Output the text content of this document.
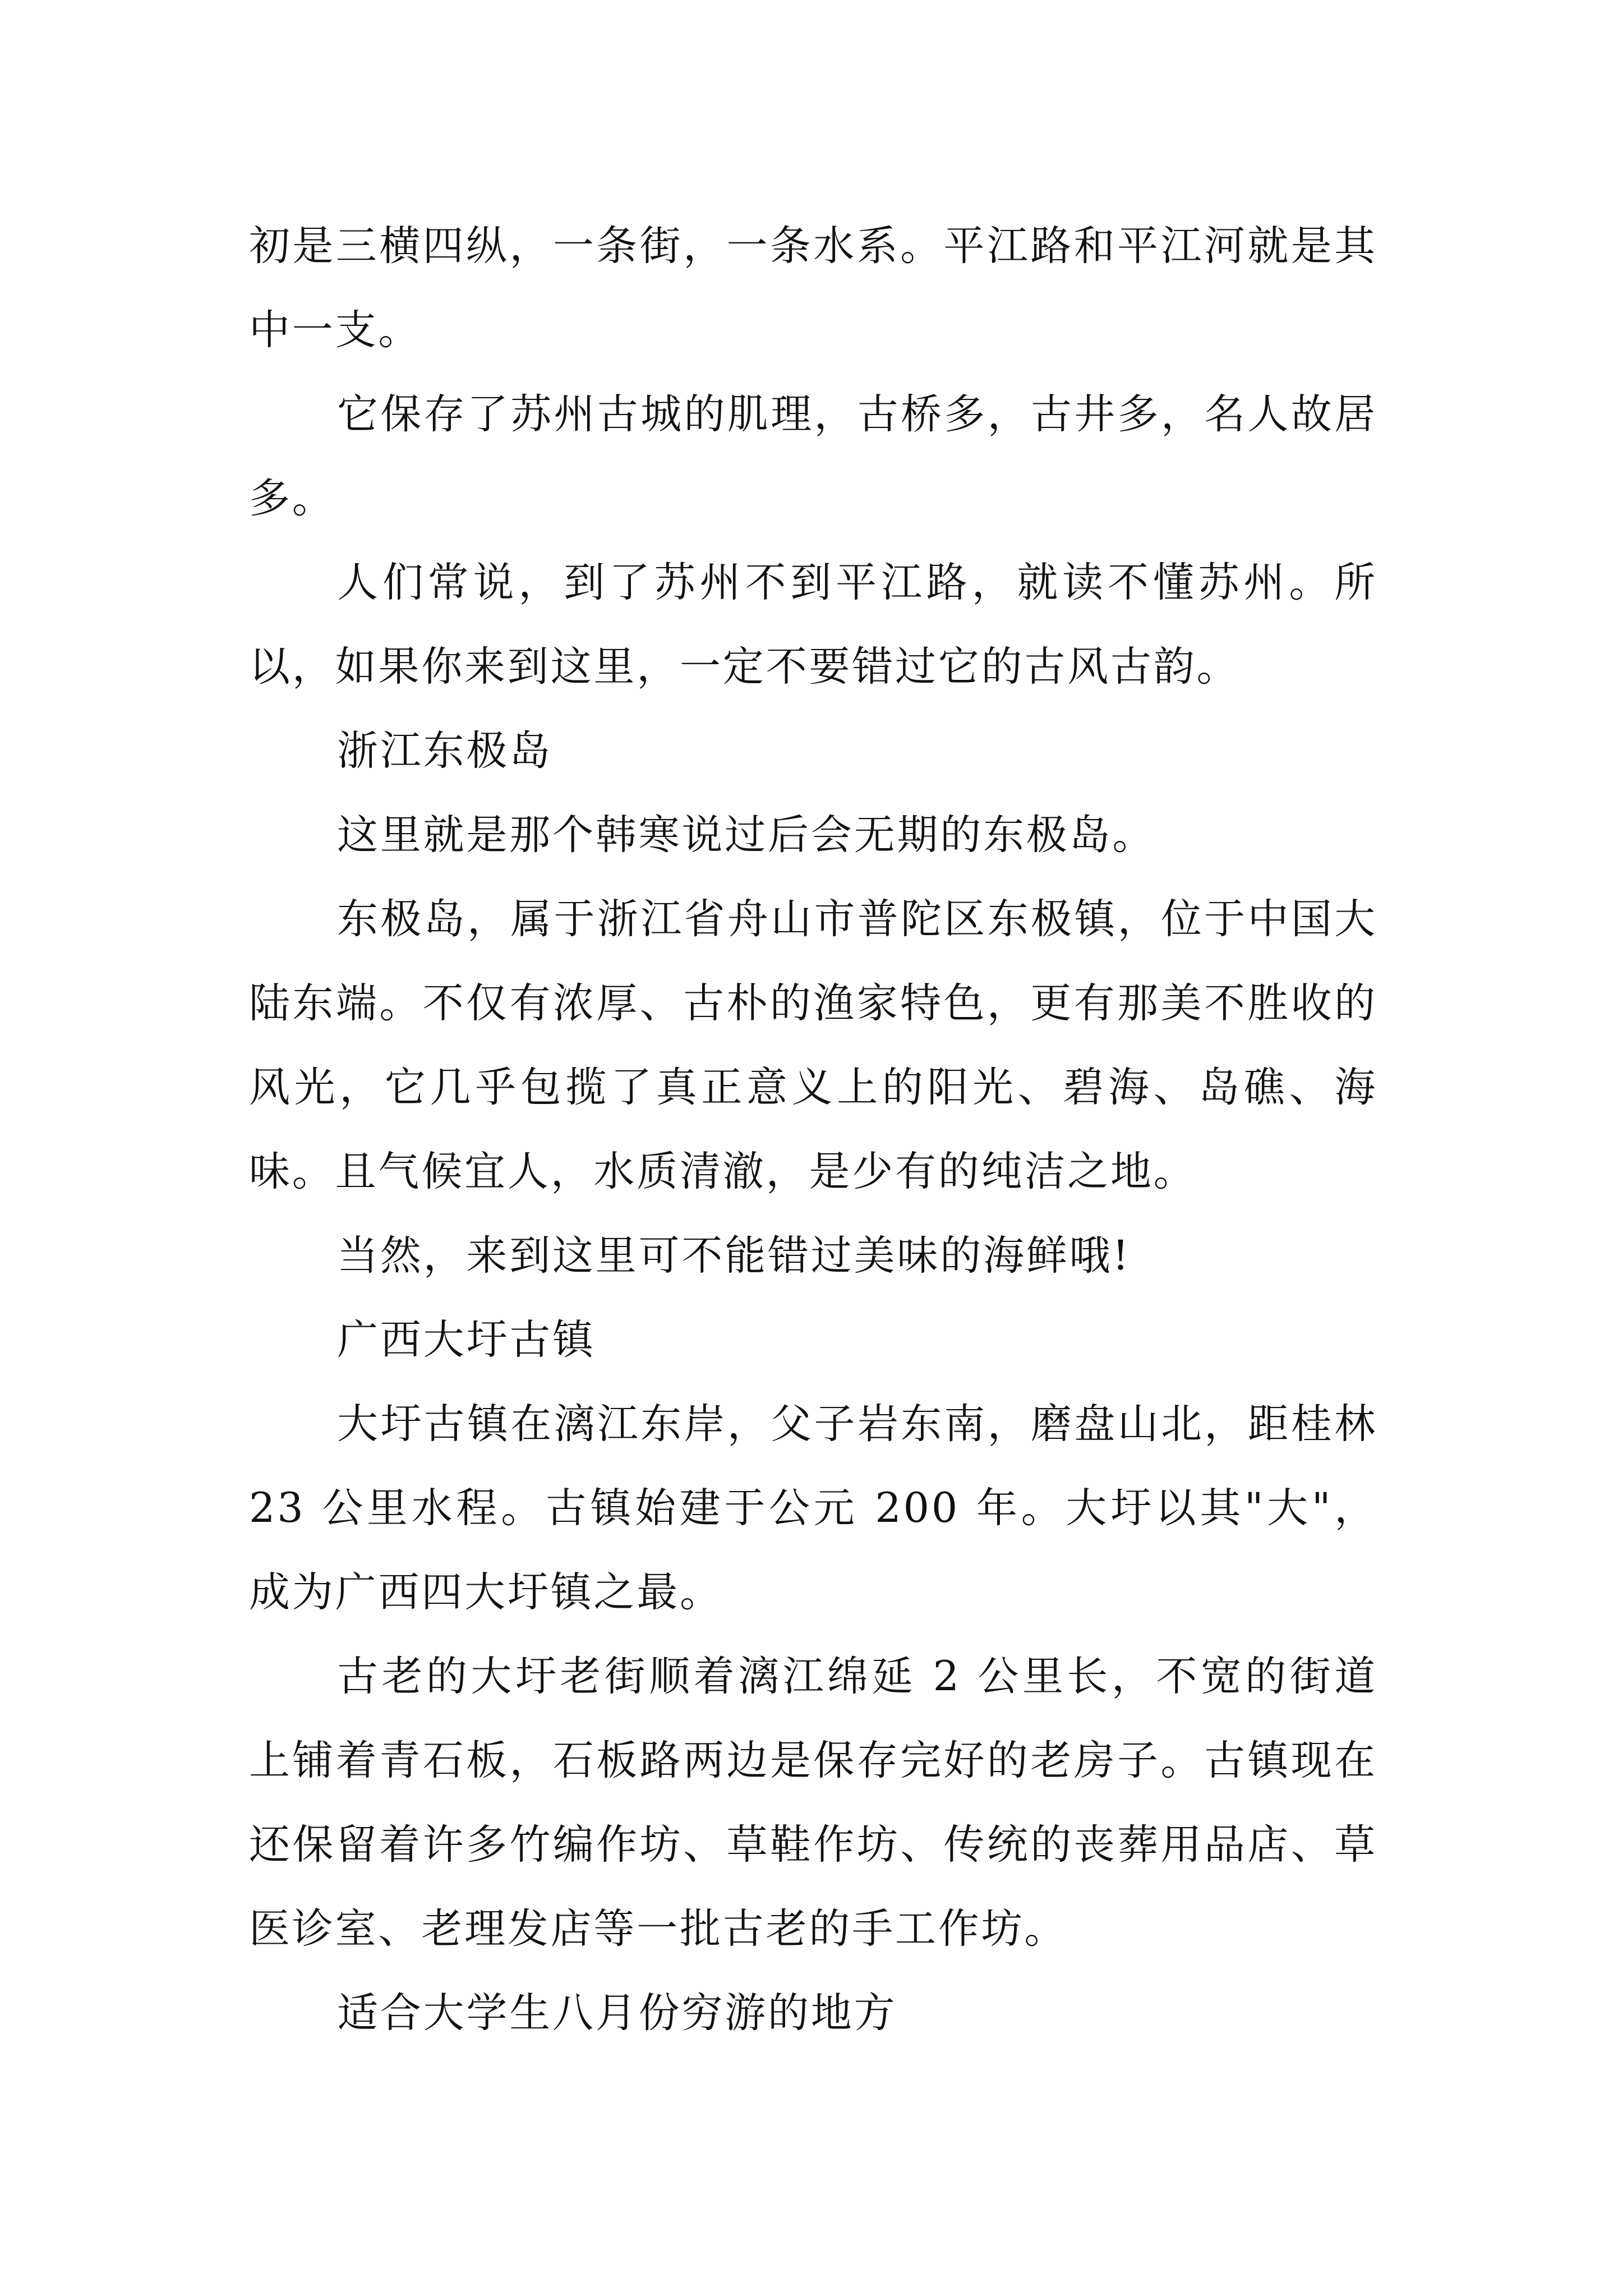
初是三横四纵，一条街，一条水系。平江路和平江河就是其中一支。

它保存了苏州古城的肌理，古桥多，古井多，名人故居多。

人们常说，到了苏州不到平江路，就读不懂苏州。所以，如果你来到这里，一定不要错过它的古风古韵。

浙江东极岛

这里就是那个韩寒说过后会无期的东极岛。

东极岛，属于浙江省舟山市普陀区东极镇，位于中国大陆东端。不仅有浓厚、古朴的渔家特色，更有那美不胜收的风光，它几乎包揽了真正意义上的阳光、碧海、岛礁、海味。且气候宜人，水质清澈，是少有的纯洁之地。

当然，来到这里可不能错过美味的海鲜哦!

广西大圩古镇

大圩古镇在漓江东岸，父子岩东南，磨盘山北，距桂林 23 公里水程。古镇始建于公元 200 年。大圩以其"大"，成为广西四大圩镇之最。

古老的大圩老街顺着漓江绵延 2 公里长，不宽的街道上铺着青石板，石板路两边是保存完好的老房子。古镇现在还保留着许多竹编作坊、草鞋作坊、传统的丧葬用品店、草医诊室、老理发店等一批古老的手工作坊。

适合大学生八月份穷游的地方
